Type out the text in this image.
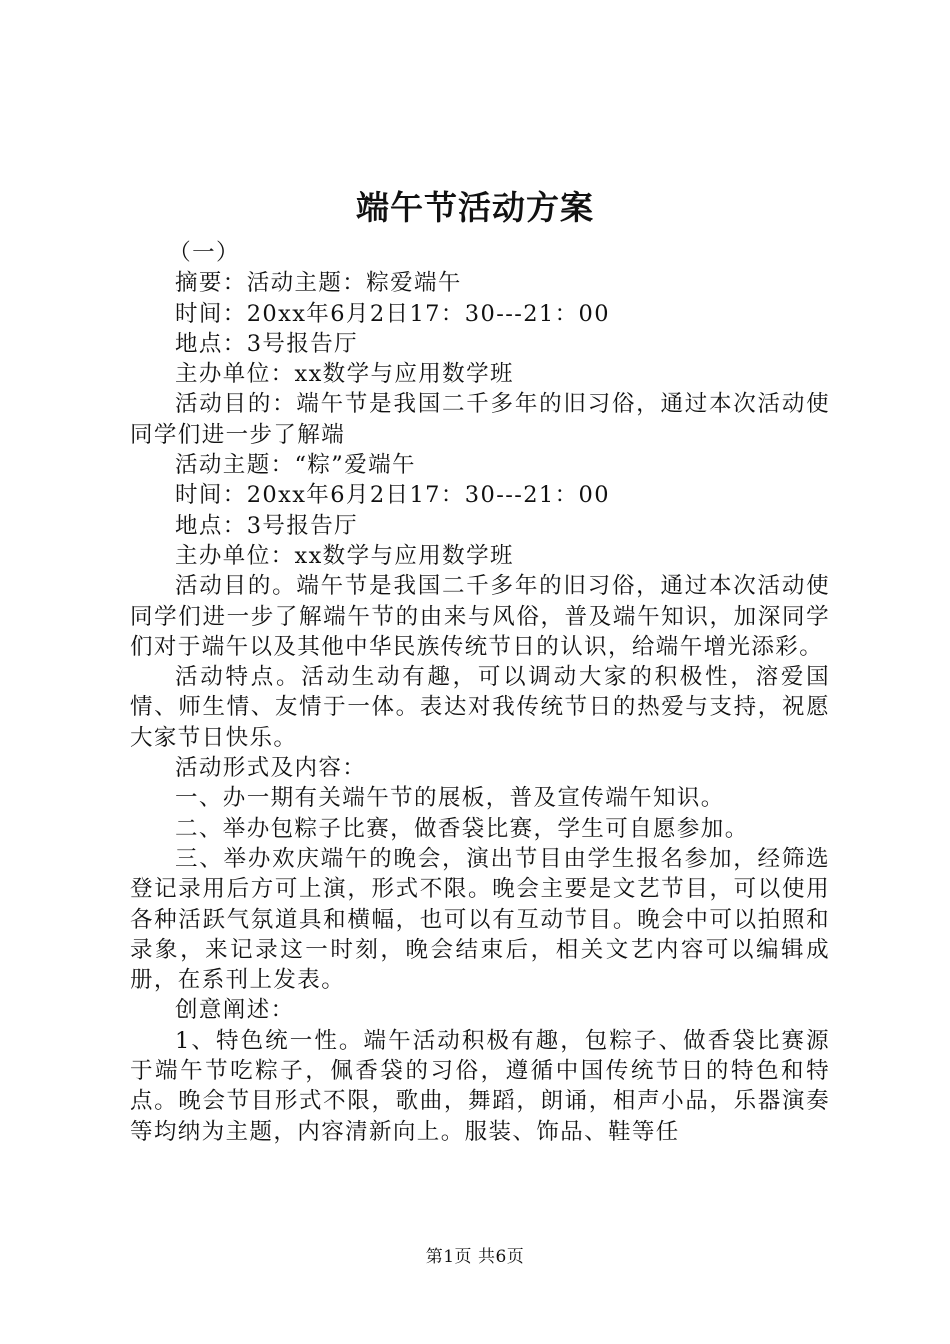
端午节活动方案

（一）

摘要：活动主题：粽爱端午

时间：20xx年6月2日17：30---21：00

地点：3号报告厅

主办单位：xx数学与应用数学班

活动目的：端午节是我国二千多年的旧习俗，通过本次活动使同学们进一步了解端

活动主题：“粽”爱端午

时间：20xx年6月2日17：30---21：00

地点：3号报告厅

主办单位：xx数学与应用数学班

活动目的。端午节是我国二千多年的旧习俗，通过本次活动使同学们进一步了解端午节的由来与风俗，普及端午知识，加深同学们对于端午以及其他中华民族传统节日的认识，给端午增光添彩。

活动特点。活动生动有趣，可以调动大家的积极性，溶爱国情、师生情、友情于一体。表达对我传统节日的热爱与支持，祝愿大家节日快乐。

活动形式及内容：

一、办一期有关端午节的展板，普及宣传端午知识。

二、举办包粽子比赛，做香袋比赛，学生可自愿参加。

三、举办欢庆端午的晚会，演出节目由学生报名参加，经筛选登记录用后方可上演，形式不限。晚会主要是文艺节目，可以使用各种活跃气氛道具和横幅，也可以有互动节目。晚会中可以拍照和录象，来记录这一时刻，晚会结束后，相关文艺内容可以编辑成册，在系刊上发表。

创意阐述：

1、特色统一性。端午活动积极有趣，包粽子、做香袋比赛源于端午节吃粽子，佩香袋的习俗，遵循中国传统节日的特色和特点。晚会节目形式不限，歌曲，舞蹈，朗诵，相声小品，乐器演奏等均纳为主题，内容清新向上。服装、饰品、鞋等任

第1页 共6页
